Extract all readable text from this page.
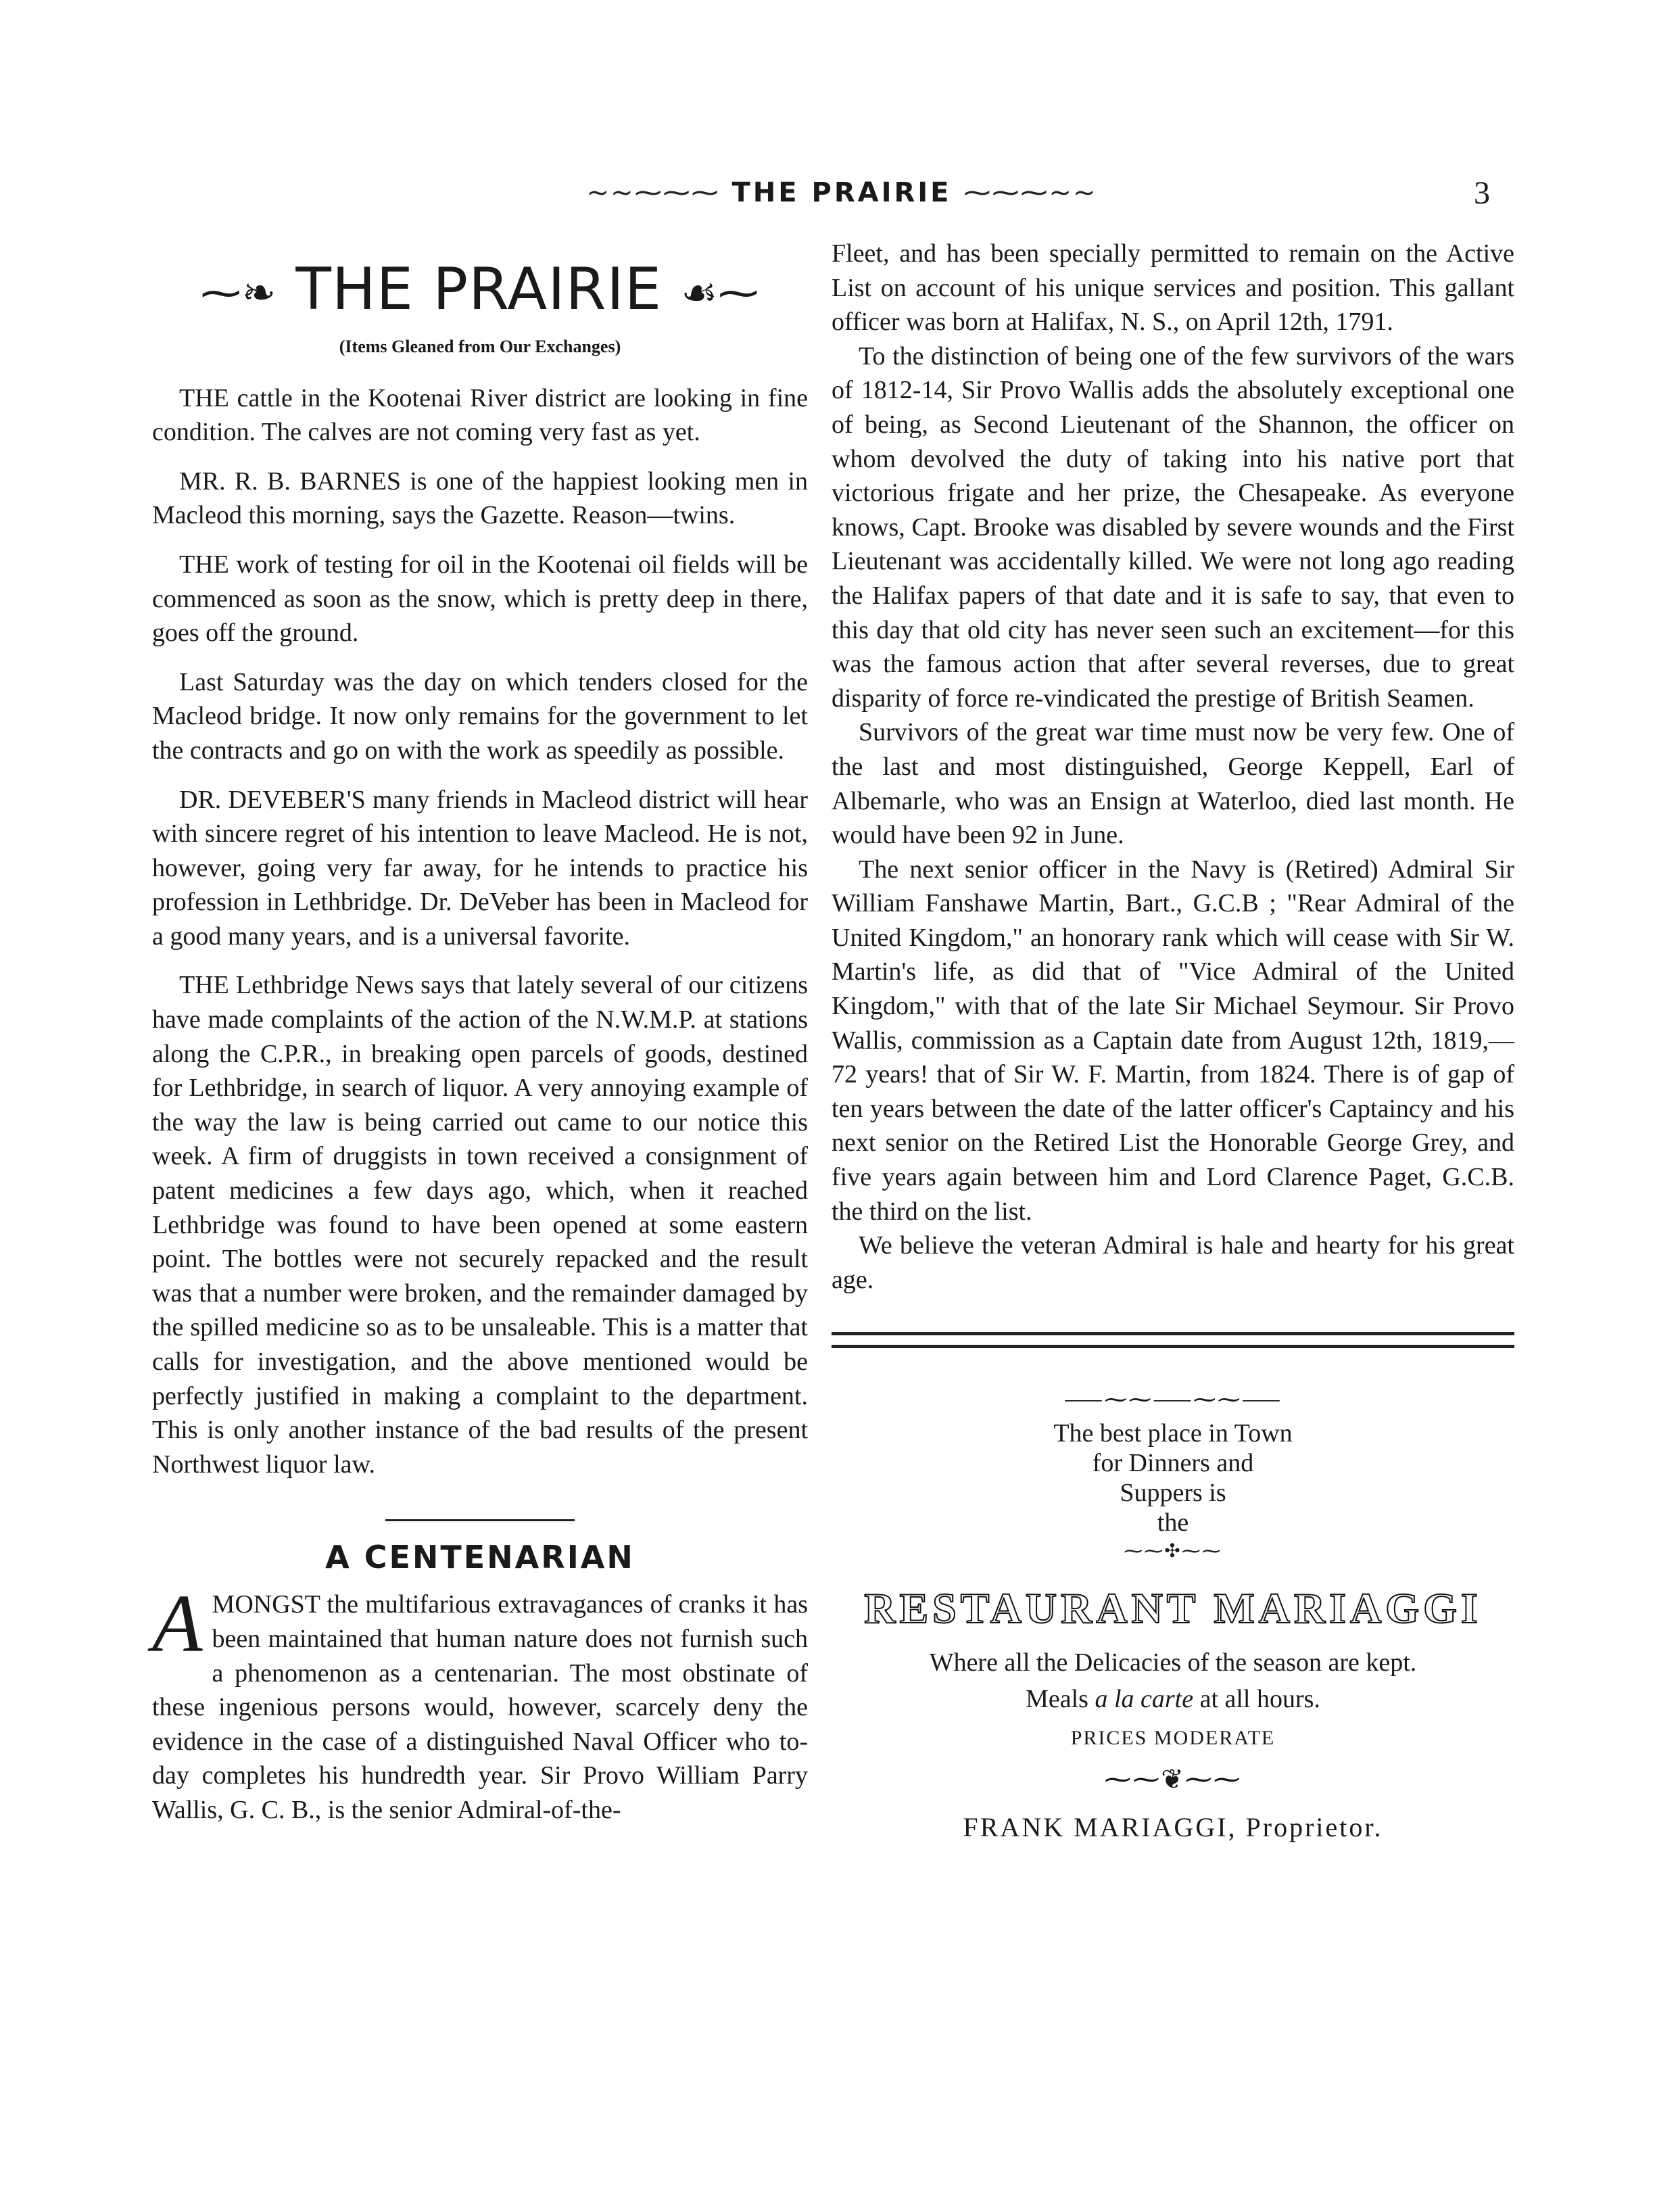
~~⁓⁓⁓ THE PRAIRIE ⁓⁓⁓~~	3
⁓❧ THE PRAIRIE ☙⁓
(Items Gleaned from Our Exchanges)

THE cattle in the Kootenai River district are looking in fine condition. The calves are not coming very fast as yet.

MR. R. B. BARNES is one of the happiest looking men in Macleod this morning, says the Gazette. Reason—twins.

THE work of testing for oil in the Kootenai oil fields will be commenced as soon as the snow, which is pretty deep in there, goes off the ground.

Last Saturday was the day on which tenders closed for the Macleod bridge. It now only remains for the government to let the contracts and go on with the work as speedily as possible.

DR. DEVEBER'S many friends in Macleod district will hear with sincere regret of his intention to leave Macleod. He is not, however, going very far away, for he intends to practice his profession in Lethbridge. Dr. DeVeber has been in Macleod for a good many years, and is a universal favorite.

THE Lethbridge News says that lately several of our citizens have made complaints of the action of the N.W.M.P. at stations along the C.P.R., in breaking open parcels of goods, destined for Lethbridge, in search of liquor. A very annoying example of the way the law is being carried out came to our notice this week. A firm of druggists in town received a consignment of patent medicines a few days ago, which, when it reached Lethbridge was found to have been opened at some eastern point. The bottles were not securely repacked and the result was that a number were broken, and the remainder damaged by the spilled medicine so as to be unsaleable. This is a matter that calls for investigation, and the above mentioned would be perfectly justified in making a complaint to the department. This is only another instance of the bad results of the present Northwest liquor law.

A CENTENARIAN

AMONGST the multifarious extravagances of cranks it has been maintained that human nature does not furnish such a phenomenon as a centenarian. The most obstinate of these ingenious persons would, however, scarcely deny the evidence in the case of a distinguished Naval Officer who to-day completes his hundredth year. Sir Provo William Parry Wallis, G. C. B., is the senior Admiral-of-the-

Fleet, and has been specially permitted to remain on the Active List on account of his unique services and position. This gallant officer was born at Halifax, N. S., on April 12th, 1791.

To the distinction of being one of the few survivors of the wars of 1812-14, Sir Provo Wallis adds the absolutely exceptional one of being, as Second Lieutenant of the Shannon, the officer on whom devolved the duty of taking into his native port that victorious frigate and her prize, the Chesapeake. As everyone knows, Capt. Brooke was disabled by severe wounds and the First Lieutenant was accidentally killed. We were not long ago reading the Halifax papers of that date and it is safe to say, that even to this day that old city has never seen such an excitement—for this was the famous action that after several reverses, due to great disparity of force re-vindicated the prestige of British Seamen.

Survivors of the great war time must now be very few. One of the last and most distinguished, George Keppell, Earl of Albemarle, who was an Ensign at Waterloo, died last month. He would have been 92 in June.

The next senior officer in the Navy is (Retired) Admiral Sir William Fanshawe Martin, Bart., G.C.B ; "Rear Admiral of the United Kingdom," an honorary rank which will cease with Sir W. Martin's life, as did that of "Vice Admiral of the United Kingdom," with that of the late Sir Michael Seymour. Sir Provo Wallis, commission as a Captain date from August 12th, 1819,—72 years! that of Sir W. F. Martin, from 1824. There is of gap of ten years between the date of the latter officer's Captaincy and his next senior on the Retired List the Honorable George Grey, and five years again between him and Lord Clarence Paget, G.C.B. the third on the list.

We believe the veteran Admiral is hale and hearty for his great age.

⸺⁓⁓⸺⁓⁓⸺
The best place in Town
for Dinners and
Suppers is
the
⁓⁓✣⁓⁓
RESTAURANT MARIAGGI
Where all the Delicacies of the season are kept.
Meals a la carte at all hours.
PRICES MODERATE
⁓⁓❦⁓⁓
FRANK MARIAGGI, Proprietor.
